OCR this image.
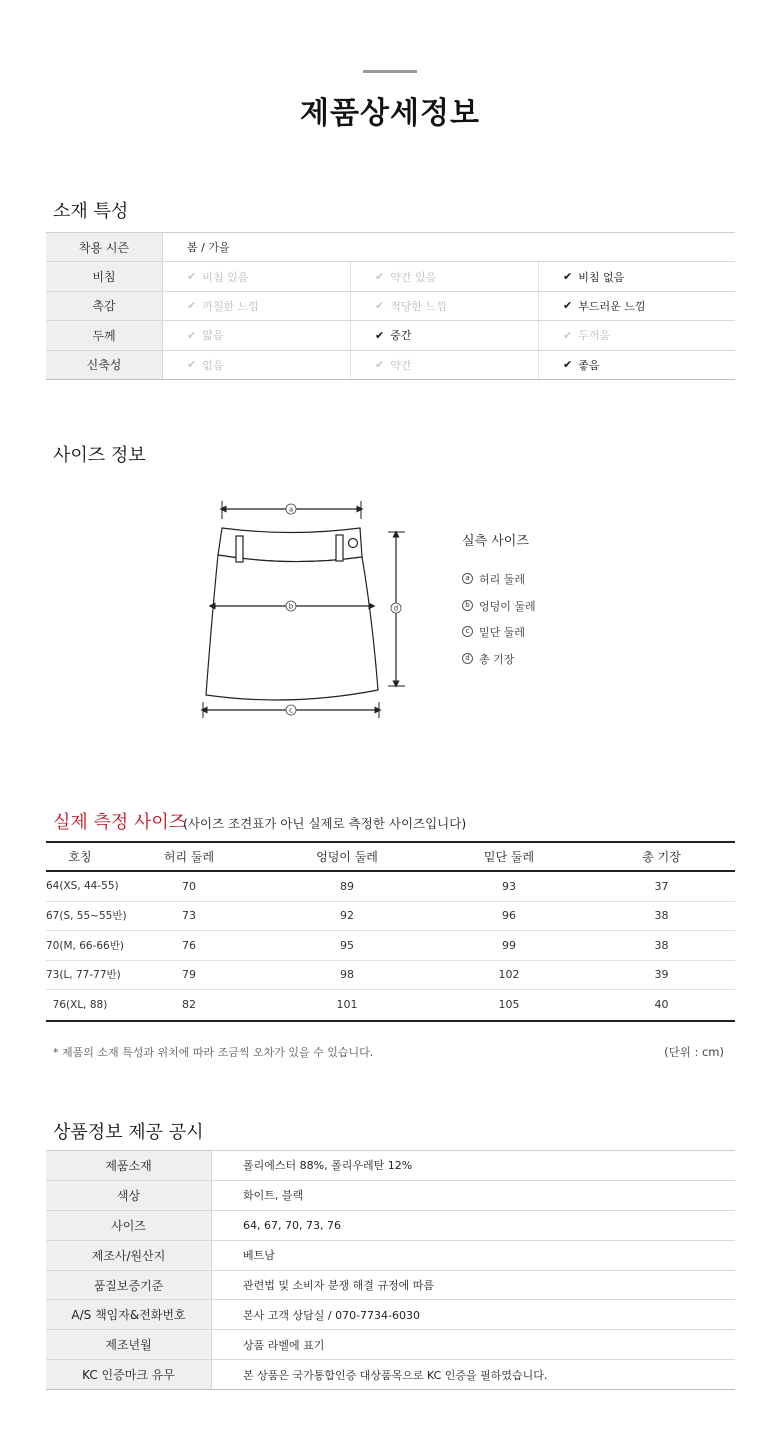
제품상세정보
소재 특성
착용 시즌	봄 / 가을
비침	✔ 비침 있음	✔ 약간 있음	✔ 비침 없음
촉감	✔ 까칠한 느낌	✔ 적당한 느낌	✔ 부드러운 느낌
두께	✔ 얇음	✔ 중간	✔ 두꺼움
신축성	✔ 없음	✔ 약간	✔ 좋음
사이즈 정보
a
b
c
d
실측 사이즈
a 허리 둘레
b 엉덩이 둘레
c 밑단 둘레
d 총 기장
실제 측정 사이즈
(사이즈 조견표가 아닌 실제로 측정한 사이즈입니다)
호칭	허리 둘레	엉덩이 둘레	밑단 둘레	총 기장
64(XS, 44-55)	70	89	93	37
67(S, 55~55반)	73	92	96	38
70(M, 66-66반)	76	95	99	38
73(L, 77-77반)	79	98	102	39
76(XL, 88)	82	101	105	40
* 제품의 소재 특성과 위치에 따라 조금씩 오차가 있을 수 있습니다.	(단위 : cm)
상품정보 제공 공시
제품소재	폴리에스터 88%, 폴리우레탄 12%
색상	화이트, 블랙
사이즈	64, 67, 70, 73, 76
제조사/원산지	베트남
품질보증기준	관련법 및 소비자 분쟁 해결 규정에 따름
A/S 책임자&전화번호	본사 고객 상담실 / 070-7734-6030
제조년월	상품 라벨에 표기
KC 인증마크 유무	본 상품은 국가통합인증 대상품목으로 KC 인증을 필하였습니다.
